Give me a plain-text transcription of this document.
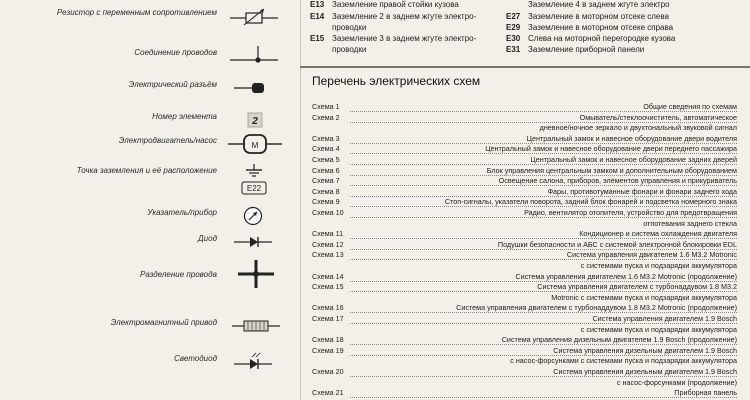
Резистор с переменным сопротивлением
Соединение проводов
Электрический разъём
Номер элемента	2
Электродвигатель/насос
M
Точка заземления и её расположение
E22
Указатель/прибор
Диод
Разделение провода
Электромагнитный привод
Светодиод
E13 Заземление правой стойки кузова
E14 Заземление 2 в заднем жгуте электро-
проводки
E15 Заземление 3 в заднем жгуте электро-
проводки
Заземление 4 в заднем жгуте электро
E27 Заземление в моторном отсеке слева
E29 Заземление в моторном отсеке справа
E30 Слева на моторной перегородке кузова
E31 Заземление приборной панели
Перечень электрических схем
Схема 1	Общие сведения по схемам
Схема 2	Омыватель/стеклоочиститель, автоматическое
дневное/ночное зеркало и двухтональный звуковой сигнал
Схема 3	Центральный замок и навесное оборудование двери водителя
Схема 4	Центральный замок и навесное оборудование двери переднего пассажира
Схема 5	Центральный замок и навесное оборудование задних дверей
Схема 6	Блок управления центральным замком и дополнительным оборудованием
Схема 7	Освещение салона, приборов, элементов управления и прикуриватель
Схема 8	Фары, противотуманные фонари и фонари заднего хода
Схема 9	Стоп-сигналы, указатели поворота, задний блок фонарей и подсветка номерного знака
Схема 10	Радио, вентилятор отопителя, устройство для предотвращения
отпотевания заднего стекла
Схема 11	Кондиционер и система охлаждения двигателя
Схема 12	Подушки безопасности и АБС с системой электронной блокировки EDL
Схема 13	Система управления двигателем 1.6 М3.2 Motronic
с системами пуска и подзарядки аккумулятора
Схема 14	Система управления двигателем 1.6 М3.2 Motronic (продолжение)
Схема 15	Система управления двигателем с турбонаддувом 1.8 М3.2
Motronic с системами пуска и подзарядки аккумулятора
Схема 16	Система управления двигателем с турбонаддувом 1.8 М3.2 Motronic (продолжение)
Схема 17	Система управления двигателем 1.9 Bosch
с системами пуска и подзарядки аккумулятора
Схема 18	Система управления дизельным двигателем 1.9 Bosch (продолжение)
Схема 19	Система управления дизельным двигателем 1.9 Bosch
с насос-форсунками с системами пуска и подзарядки аккумулятора
Схема 20	Система управления дизельным двигателем 1.9 Bosch
с насос-форсунками (продолжение)
Схема 21	Приборная панель
